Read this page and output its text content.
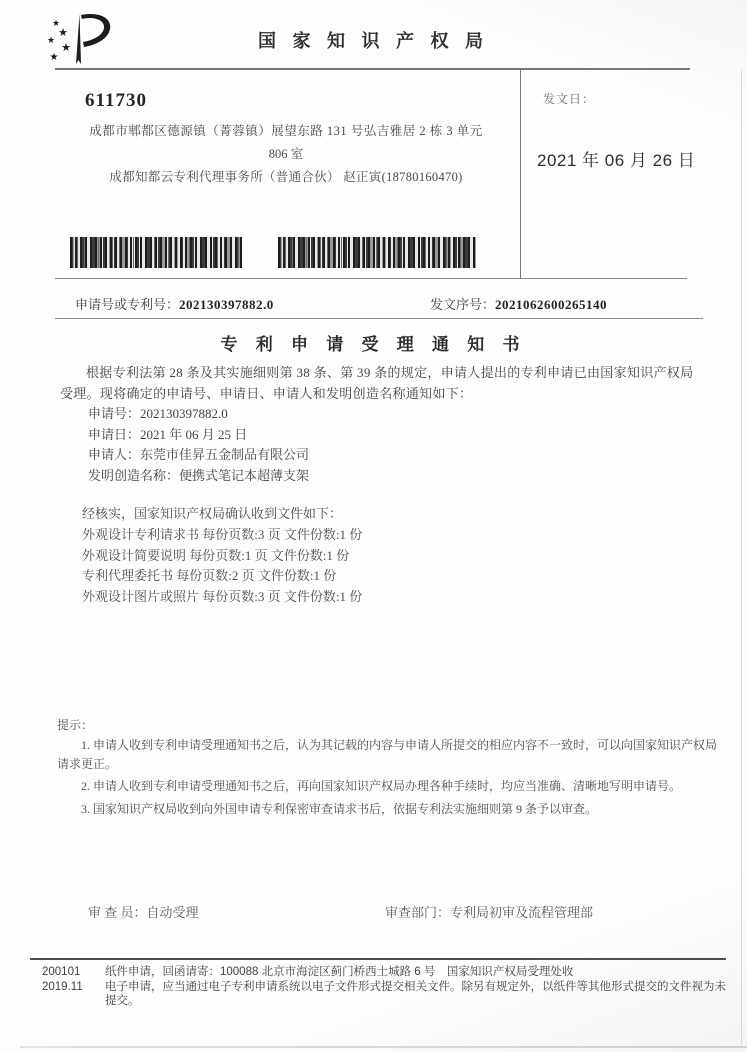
★
★
★
★
★
国 家 知 识 产 权 局
611730
成都市郫都区德源镇（菁蓉镇）展望东路 131 号弘吉雅居 2 栋 3 单元
806 室
成都知都云专利代理事务所（普通合伙） 赵正寅(18780160470)
发文日：
2021 年 06 月 26 日
申请号或专利号：202130397882.0	发文序号：2021062600265140
专 利 申 请 受 理 通 知 书
根据专利法第 28 条及其实施细则第 38 条、第 39 条的规定，申请人提出的专利申请已由国家知识产权局受理。现将确定的申请号、申请日、申请人和发明创造名称通知如下：
申请号：202130397882.0
申请日：2021 年 06 月 25 日
申请人：东莞市佳昇五金制品有限公司
发明创造名称：便携式笔记本超薄支架
经核实，国家知识产权局确认收到文件如下：
外观设计专利请求书 每份页数:3 页 文件份数:1 份
外观设计简要说明 每份页数:1 页 文件份数:1 份
专利代理委托书 每份页数:2 页 文件份数:1 份
外观设计图片或照片 每份页数:3 页 文件份数:1 份
提示：

1. 申请人收到专利申请受理通知书之后，认为其记载的内容与申请人所提交的相应内容不一致时，可以向国家知识产权局请求更正。

2. 申请人收到专利申请受理通知书之后，再向国家知识产权局办理各种手续时，均应当准确、清晰地写明申请号。

3. 国家知识产权局收到向外国申请专利保密审查请求书后，依据专利法实施细则第 9 条予以审查。

审 查 员：自动受理	审查部门：专利局初审及流程管理部
200101	纸件申请，回函请寄：100088 北京市海淀区蓟门桥西土城路 6 号　国家知识产权局受理处收
2019.11	电子申请，应当通过电子专利申请系统以电子文件形式提交相关文件。除另有规定外，以纸件等其他形式提交的文件视为未提交。
